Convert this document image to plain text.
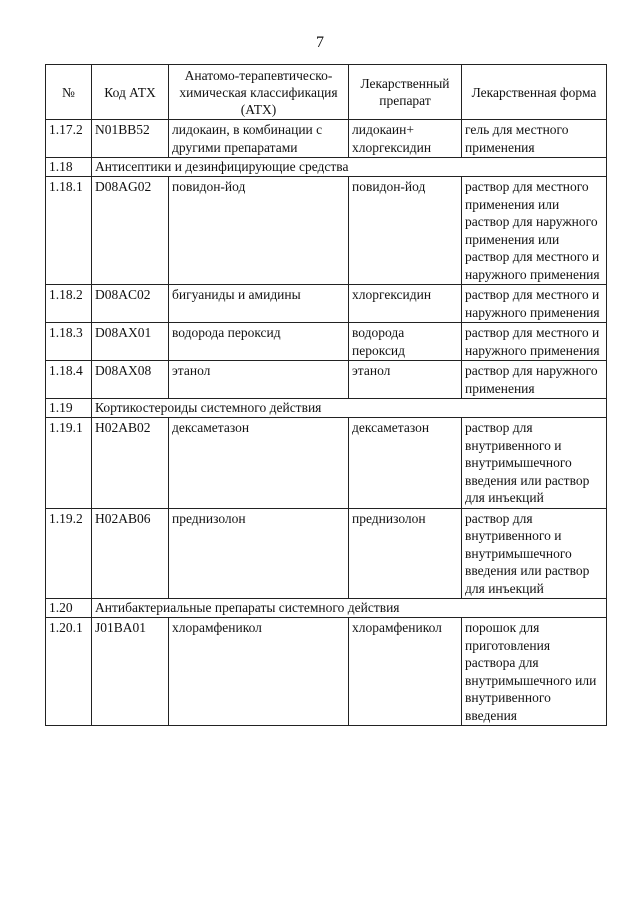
7
№	Код АТХ	Анатомо-терапевтическо-химическая классификация (АТХ)	Лекарственный препарат	Лекарственная форма
1.17.2	N01BB52	лидокаин, в комбинации с другими препаратами	лидокаин+ хлоргексидин	гель для местного применения
1.18	Антисептики и дезинфицирующие средства			
1.18.1	D08AG02	повидон-йод	повидон-йод	раствор для местного применения или раствор для наружного применения или раствор для местного и наружного применения
1.18.2	D08AC02	бигуаниды и амидины	хлоргексидин	раствор для местного и наружного применения
1.18.3	D08AX01	водорода пероксид	водорода пероксид	раствор для местного и наружного применения
1.18.4	D08AX08	этанол	этанол	раствор для наружного применения
1.19	Кортикостероиды системного действия			
1.19.1	H02AB02	дексаметазон	дексаметазон	раствор для внутривенного и внутримышечного введения или раствор для инъекций
1.19.2	H02AB06	преднизолон	преднизолон	раствор для внутривенного и внутримышечного введения или раствор для инъекций
1.20	Антибактериальные препараты системного действия			
1.20.1	J01BA01	хлорамфеникол	хлорамфеникол	порошок для приготовления раствора для внутримышечного или внутривенного введения
